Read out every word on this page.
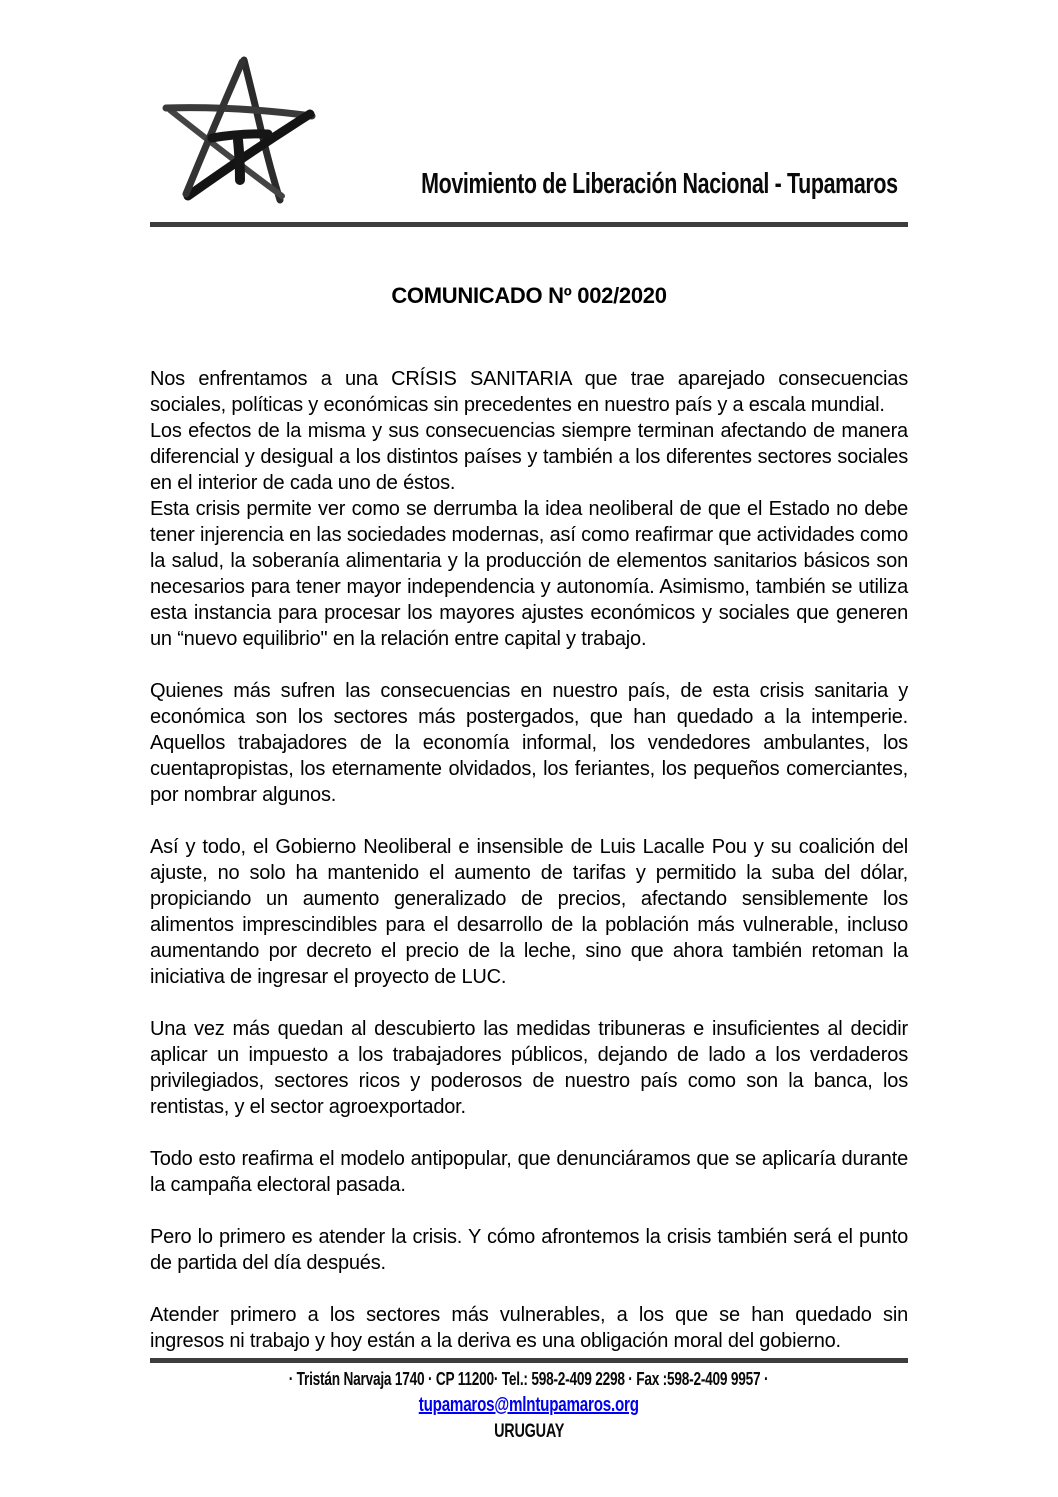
Movimiento de Liberación Nacional - Tupamaros
COMUNICADO Nº 002/2020

Nos enfrentamos a una CRÍSIS SANITARIA que trae aparejado consecuencias sociales, políticas y económicas sin precedentes en nuestro país y a escala mundial.

Los efectos de la misma y sus consecuencias siempre terminan afectando de manera diferencial y desigual a los distintos países y también a los diferentes sectores sociales en el interior de cada uno de éstos.

Esta crisis permite ver como se derrumba la idea neoliberal de que el Estado no debe tener injerencia en las sociedades modernas, así como reafirmar que actividades como la salud, la soberanía alimentaria y la producción de elementos sanitarios básicos son necesarios para tener mayor independencia y autonomía. Asimismo, también se utiliza esta instancia para procesar los mayores ajustes económicos y sociales que generen un “nuevo equilibrio" en la relación entre capital y trabajo.

Quienes más sufren las consecuencias en nuestro país, de esta crisis sanitaria y económica son los sectores más postergados, que han quedado a la intemperie. Aquellos trabajadores de la economía informal, los vendedores ambulantes, los cuentapropistas, los eternamente olvidados, los feriantes, los pequeños comerciantes, por nombrar algunos.

Así y todo, el Gobierno Neoliberal e insensible de Luis Lacalle Pou y su coalición del ajuste, no solo ha mantenido el aumento de tarifas y permitido la suba del dólar, propiciando un aumento generalizado de precios, afectando sensiblemente los alimentos imprescindibles para el desarrollo de la población más vulnerable, incluso aumentando por decreto el precio de la leche, sino que ahora también retoman la iniciativa de ingresar el proyecto de LUC.

Una vez más quedan al descubierto las medidas tribuneras e insuficientes al decidir aplicar un impuesto a los trabajadores públicos, dejando de lado a los verdaderos privilegiados, sectores ricos y poderosos de nuestro país como son la banca, los rentistas, y el sector agroexportador.

Todo esto reafirma el modelo antipopular, que denunciáramos que se aplicaría durante la campaña electoral pasada.

Pero lo primero es atender la crisis. Y cómo afrontemos la crisis también será el punto de partida del día después.

Atender primero a los sectores más vulnerables, a los que se han quedado sin ingresos ni trabajo y hoy están a la deriva es una obligación moral del gobierno.

· Tristán Narvaja 1740 · CP 11200· Tel.: 598-2-409 2298 · Fax :598-2-409 9957 ·
tupamaros@mlntupamaros.org
URUGUAY
